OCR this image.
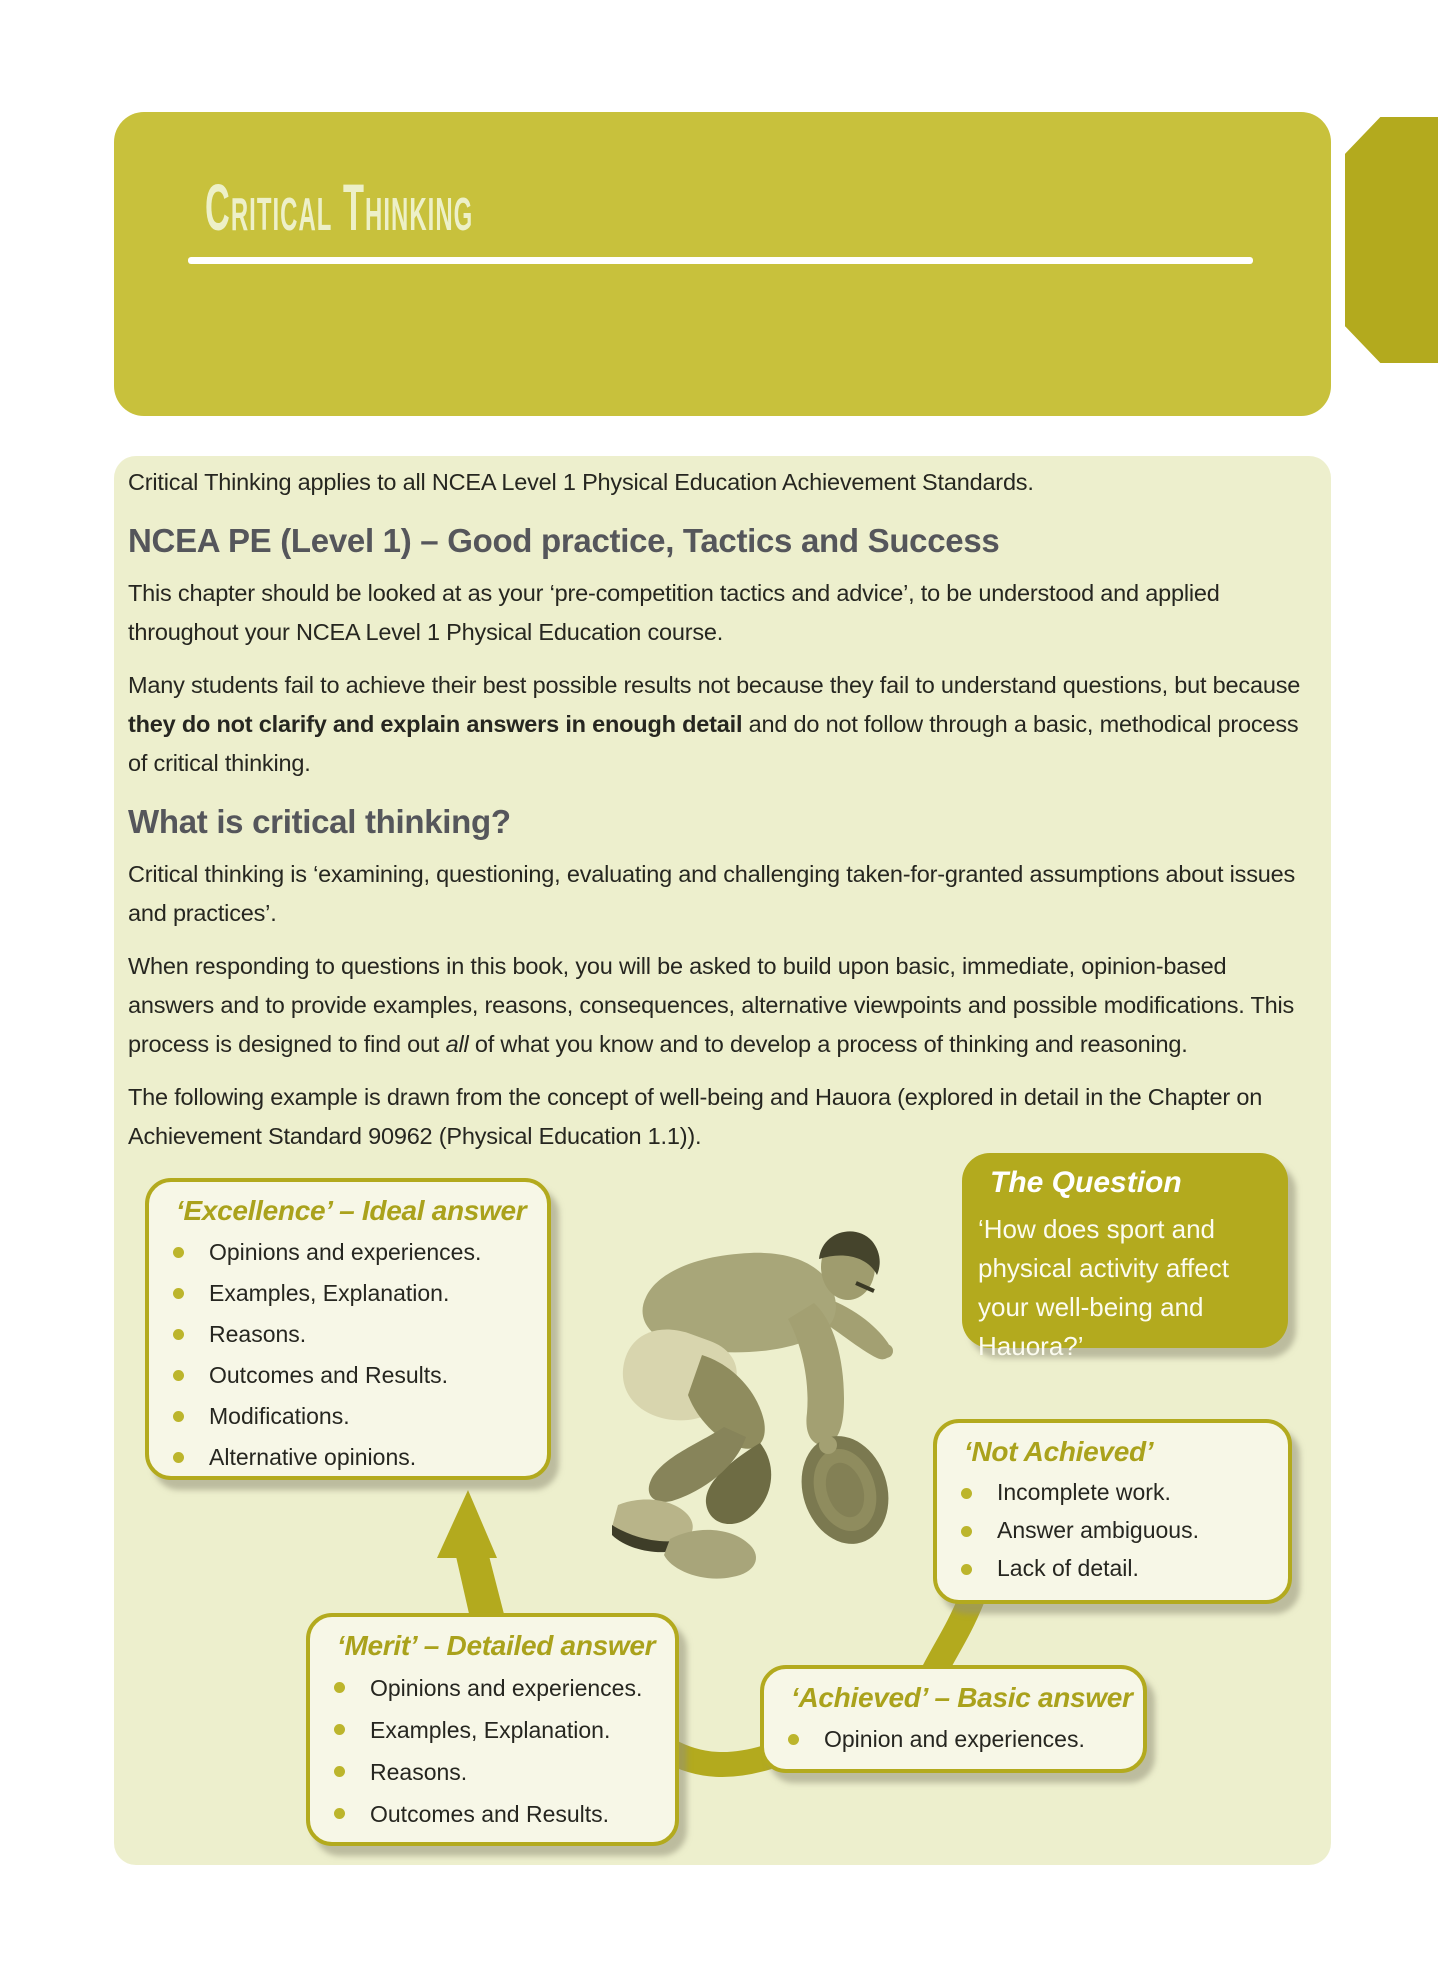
Critical Thinking

Critical Thinking applies to all NCEA Level 1 Physical Education Achievement Standards.

NCEA PE (Level 1) – Good practice, Tactics and Success

This chapter should be looked at as your ‘pre-competition tactics and advice’, to be understood and applied throughout your NCEA Level 1 Physical Education course.

Many students fail to achieve their best possible results not because they fail to understand questions, but because they do not clarify and explain answers in enough detail and do not follow through a basic, methodical process of critical thinking.

What is critical thinking?

Critical thinking is ‘examining, questioning, evaluating and challenging taken-for-granted assumptions about issues and practices’.

When responding to questions in this book, you will be asked to build upon basic, immediate, opinion-based answers and to provide examples, reasons, consequences, alternative viewpoints and possible modifications. This process is designed to find out all of what you know and to develop a process of thinking and reasoning.

The following example is drawn from the concept of well-being and Hauora (explored in detail in the Chapter on Achievement Standard 90962 (Physical Education 1.1)).

‘Excellence’ – Ideal answer
Opinions and experiences.
Examples, Explanation.
Reasons.
Outcomes and Results.
Modifications.
Alternative opinions.
The Question
‘How does sport and physical activity affect your well-being and Hauora?’
‘Not Achieved’
Incomplete work.
Answer ambiguous.
Lack of detail.
‘Merit’ – Detailed answer
Opinions and experiences.
Examples, Explanation.
Reasons.
Outcomes and Results.
‘Achieved’ – Basic answer
Opinion and experiences.
